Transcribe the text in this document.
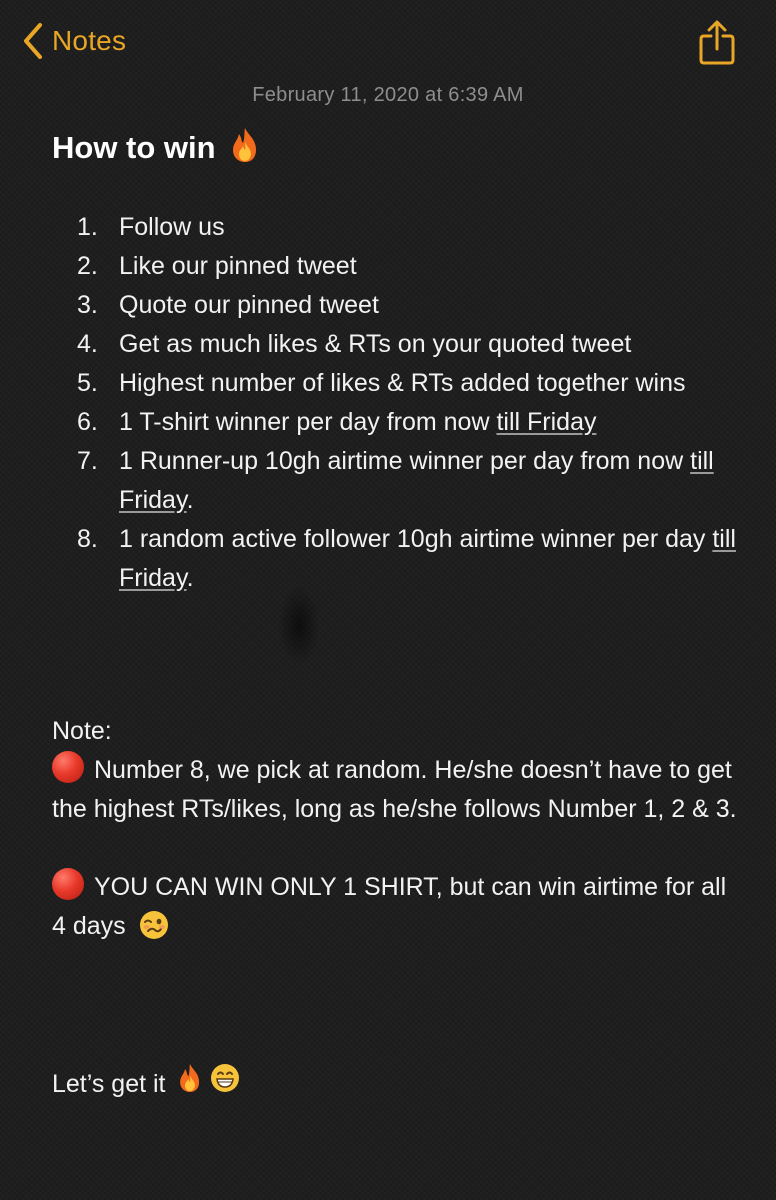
Notes
February 11, 2020 at 6:39 AM
How to win
1. Follow us
2. Like our pinned tweet
3. Quote our pinned tweet
4. Get as much likes & RTs on your quoted tweet
5. Highest number of likes & RTs added together wins
6. 1 T-shirt winner per day from now till Friday
7. 1 Runner-up 10gh airtime winner per day from now till Friday.
8. 1 random active follower 10gh airtime winner per day till Friday.

Note:

Number 8, we pick at random. He/she doesn’t have to get the highest RTs/likes, long as he/she follows Number 1, 2 & 3.

YOU CAN WIN ONLY 1 SHIRT, but can win airtime for all 4 days

Let’s get it
